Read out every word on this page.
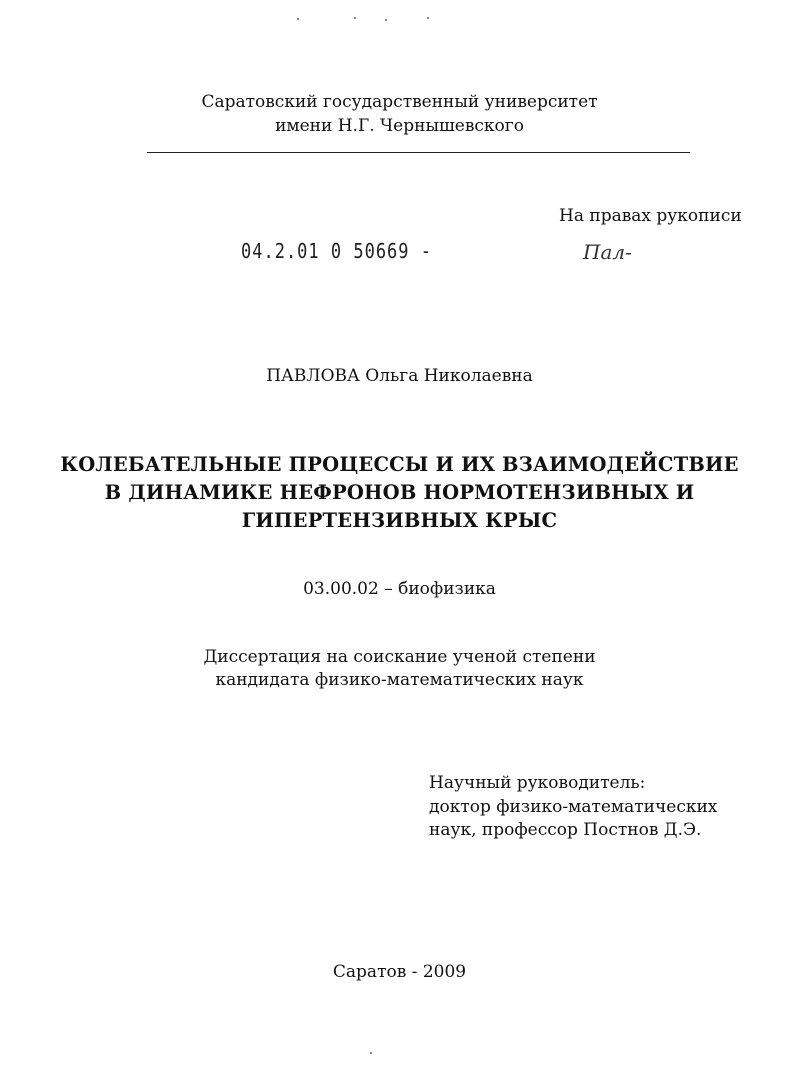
Саратовский государственный университет
имени Н.Г. Чернышевского
На правах рукописи
04.2.01 0 50669 -	Пал-
ПАВЛОВА Ольга Николаевна
КОЛЕБАТЕЛЬНЫЕ ПРОЦЕССЫ И ИХ ВЗАИМОДЕЙСТВИЕ
В ДИНАМИКЕ НЕФРОНОВ НОРМОТЕНЗИВНЫХ И
ГИПЕРТЕНЗИВНЫХ КРЫС
03.00.02 – биофизика
Диссертация на соискание ученой степени
кандидата физико-математических наук
Научный руководитель:
доктор физико-математических
наук, профессор Постнов Д.Э.
Саратов - 2009
